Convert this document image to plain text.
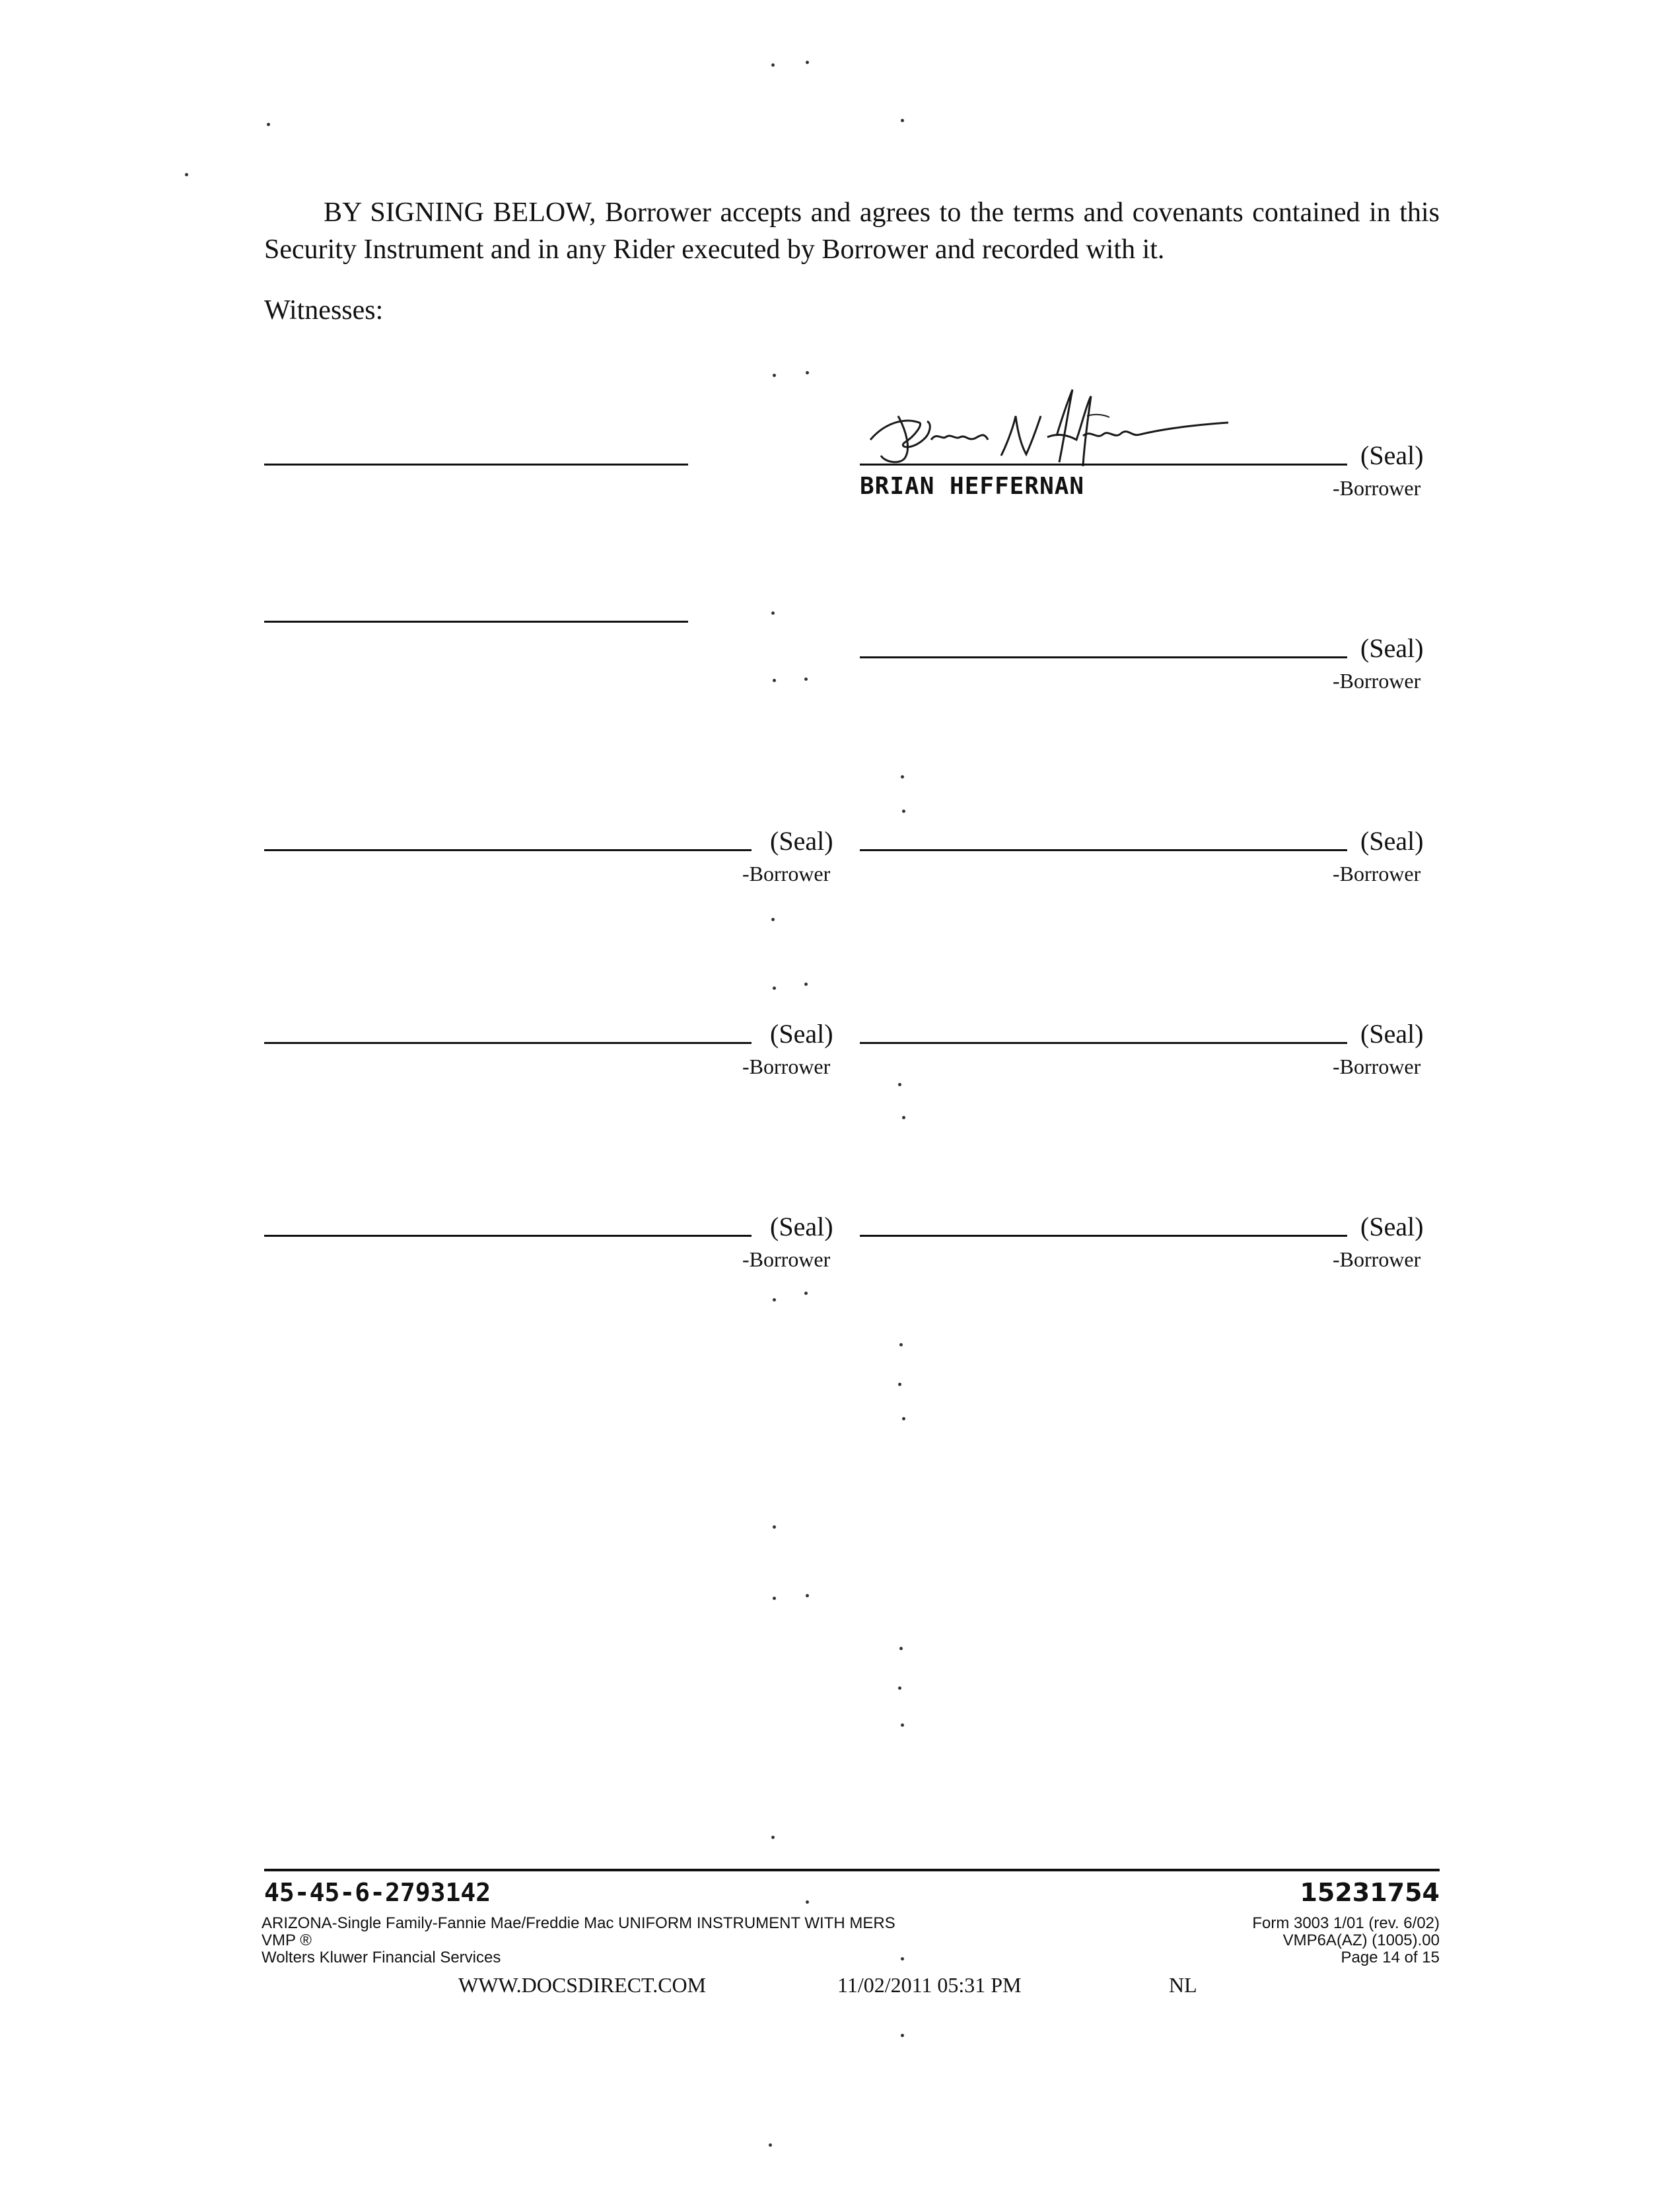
BY SIGNING BELOW, Borrower accepts and agrees to the terms and covenants contained in this Security Instrument and in any Rider executed by Borrower and recorded with it.

Witnesses:

(Seal)
BRIAN HEFFERNAN	-Borrower
(Seal)
-Borrower
(Seal)
-Borrower
(Seal)
-Borrower
(Seal)
-Borrower
(Seal)
-Borrower
(Seal)
-Borrower
(Seal)
-Borrower
45-45-6-2793142	15231754
ARIZONA-Single Family-Fannie Mae/Freddie Mac UNIFORM INSTRUMENT WITH MERS
VMP ®
Wolters Kluwer Financial Services
Form 3003 1/01 (rev. 6/02)
VMP6A(AZ) (1005).00
Page 14 of 15
WWW.DOCSDIRECT.COM	11/02/2011 05:31 PM	NL
